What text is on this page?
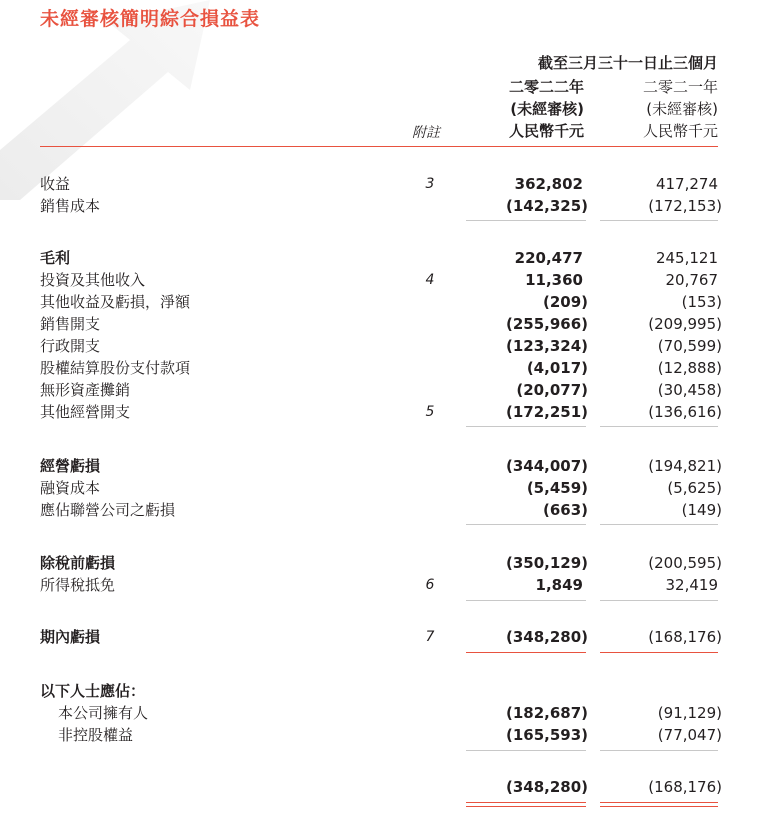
未經審核簡明綜合損益表
截至三月三十一日止三個月
二零二二年
(未經審核)
人民幣千元
二零二一年
(未經審核)
人民幣千元
附註
收益	3	362,802	417,274
銷售成本	(142,325)	(172,153)
毛利	220,477	245,121
投資及其他收入	4	11,360	20,767
其他收益及虧損，淨額	(209)	(153)
銷售開支	(255,966)	(209,995)
行政開支	(123,324)	(70,599)
股權結算股份支付款項	(4,017)	(12,888)
無形資產攤銷	(20,077)	(30,458)
其他經營開支	5	(172,251)	(136,616)
經營虧損	(344,007)	(194,821)
融資成本	(5,459)	(5,625)
應佔聯營公司之虧損	(663)	(149)
除稅前虧損	(350,129)	(200,595)
所得稅抵免	6	1,849	32,419
期內虧損	7	(348,280)	(168,176)
以下人士應佔：
本公司擁有人	(182,687)	(91,129)
非控股權益	(165,593)	(77,047)
(348,280)	(168,176)
